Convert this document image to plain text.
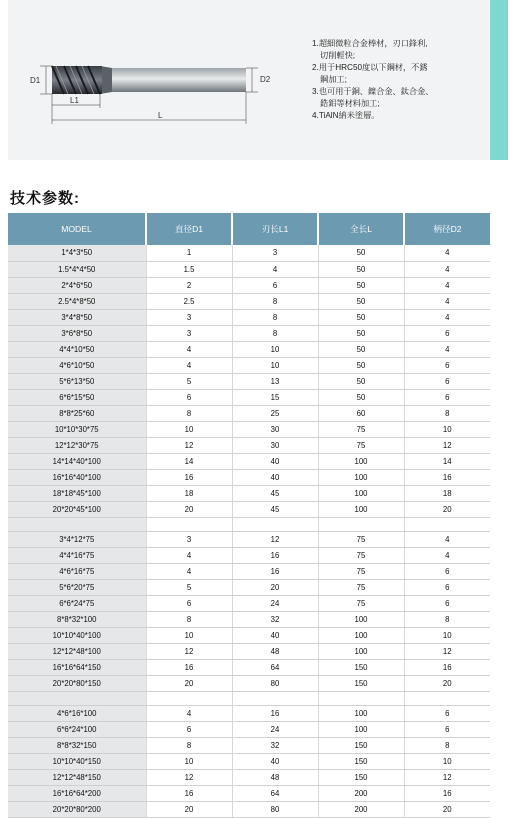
D1	D2
L1
L

1.超細微粒合金棒材，刃口鋒利,

切削輕快;

2.用于HRC50度以下鋼材，不銹

鋼加工;

3.也可用于銅、鎳合金、鈦合金、

鋯鋁等材料加工;

4.TiAlN納米塗層。

技术参数:
MODEL	直径D1	刃长L1	全长L	柄径D2
1*4*3*50	1	3	50	4
1.5*4*4*50	1.5	4	50	4
2*4*6*50	2	6	50	4
2.5*4*8*50	2.5	8	50	4
3*4*8*50	3	8	50	4
3*6*8*50	3	8	50	6
4*4*10*50	4	10	50	4
4*6*10*50	4	10	50	6
5*6*13*50	5	13	50	6
6*6*15*50	6	15	50	6
8*8*25*60	8	25	60	8
10*10*30*75	10	30	75	10
12*12*30*75	12	30	75	12
14*14*40*100	14	40	100	14
16*16*40*100	16	40	100	16
18*18*45*100	18	45	100	18
20*20*45*100	20	45	100	20

3*4*12*75	3	12	75	4
4*4*16*75	4	16	75	4
4*6*16*75	4	16	75	6
5*6*20*75	5	20	75	6
6*6*24*75	6	24	75	6
8*8*32*100	8	32	100	8
10*10*40*100	10	40	100	10
12*12*48*100	12	48	100	12
16*16*64*150	16	64	150	16
20*20*80*150	20	80	150	20

4*6*16*100	4	16	100	6
6*6*24*100	6	24	100	6
8*8*32*150	8	32	150	8
10*10*40*150	10	40	150	10
12*12*48*150	12	48	150	12
16*16*64*200	16	64	200	16
20*20*80*200	20	80	200	20
